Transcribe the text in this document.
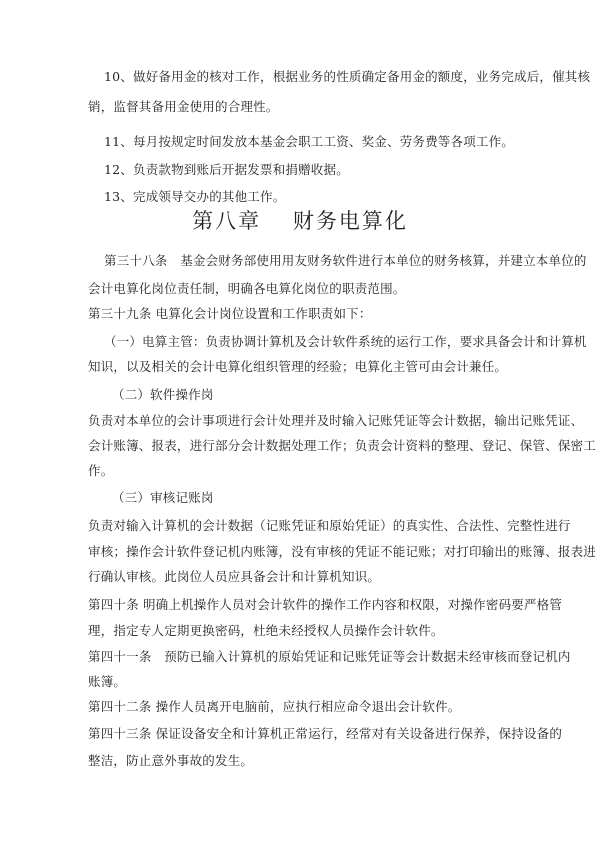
10、做好备用金的核对工作，根据业务的性质确定备用金的额度，业务完成后，催其核
销，监督其备用金使用的合理性。
11、每月按规定时间发放本基金会职工工资、奖金、劳务费等各项工作。
12、负责款物到账后开据发票和捐赠收据。
13、完成领导交办的其他工作。
第八章　 财务电算化
第三十八条　基金会财务部使用用友财务软件进行本单位的财务核算，并建立本单位的
会计电算化岗位责任制，明确各电算化岗位的职责范围。
第三十九条 电算化会计岗位设置和工作职责如下：
（一）电算主管：负责协调计算机及会计软件系统的运行工作，要求具备会计和计算机
知识，以及相关的会计电算化组织管理的经验；电算化主管可由会计兼任。
（二）软件操作岗
负责对本单位的会计事项进行会计处理并及时输入记账凭证等会计数据，输出记账凭证、
会计账簿、报表，进行部分会计数据处理工作；负责会计资料的整理、登记、保管、保密工
作。
（三）审核记账岗
负责对输入计算机的会计数据（记账凭证和原始凭证）的真实性、合法性、完整性进行
审核；操作会计软件登记机内账簿，没有审核的凭证不能记账；对打印输出的账簿、报表进
行确认审核。此岗位人员应具备会计和计算机知识。
第四十条 明确上机操作人员对会计软件的操作工作内容和权限，对操作密码要严格管
理，指定专人定期更换密码，杜绝未经授权人员操作会计软件。
第四十一条　预防已输入计算机的原始凭证和记账凭证等会计数据未经审核而登记机内
账簿。
第四十二条 操作人员离开电脑前，应执行相应命令退出会计软件。
第四十三条 保证设备安全和计算机正常运行，经常对有关设备进行保养，保持设备的
整洁，防止意外事故的发生。
